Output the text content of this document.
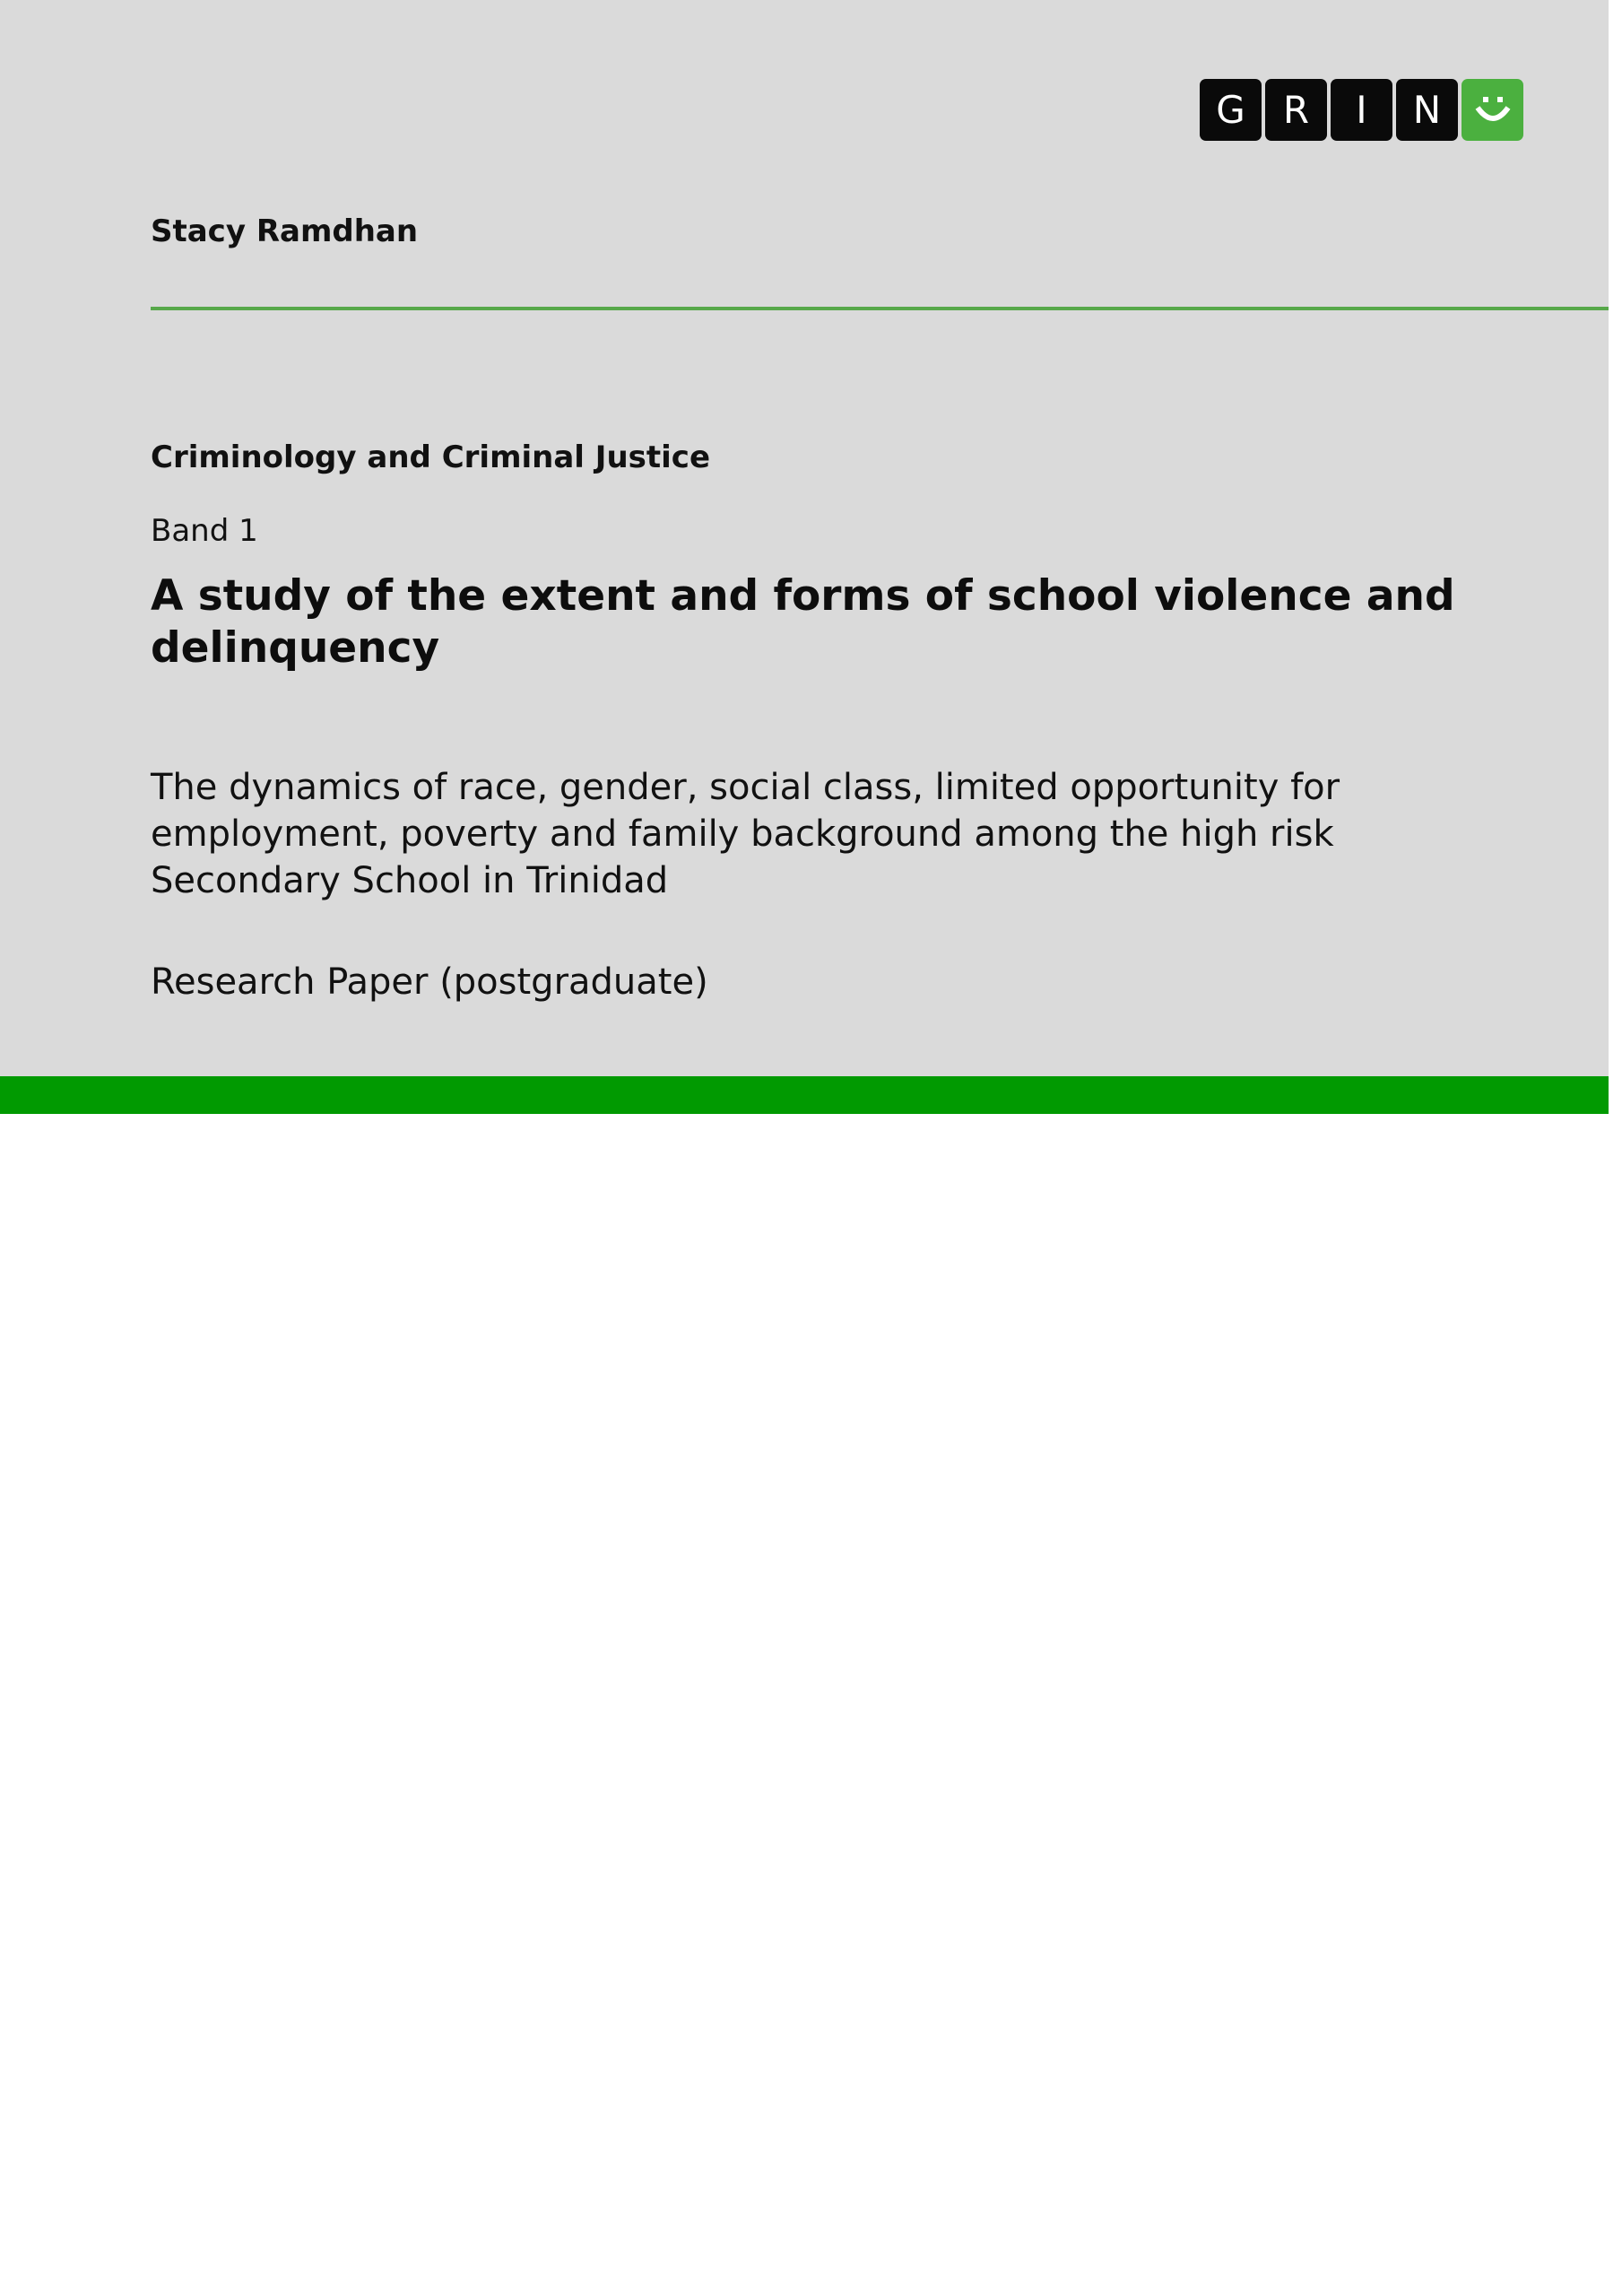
G	R	I	N
Stacy Ramdhan
Criminology and Criminal Justice
Band 1
A study of the extent and forms of school violence and delinquency
The dynamics of race, gender, social class, limited opportunity for employment, poverty and family background among the high risk Secondary School in Trinidad
Research Paper (postgraduate)
